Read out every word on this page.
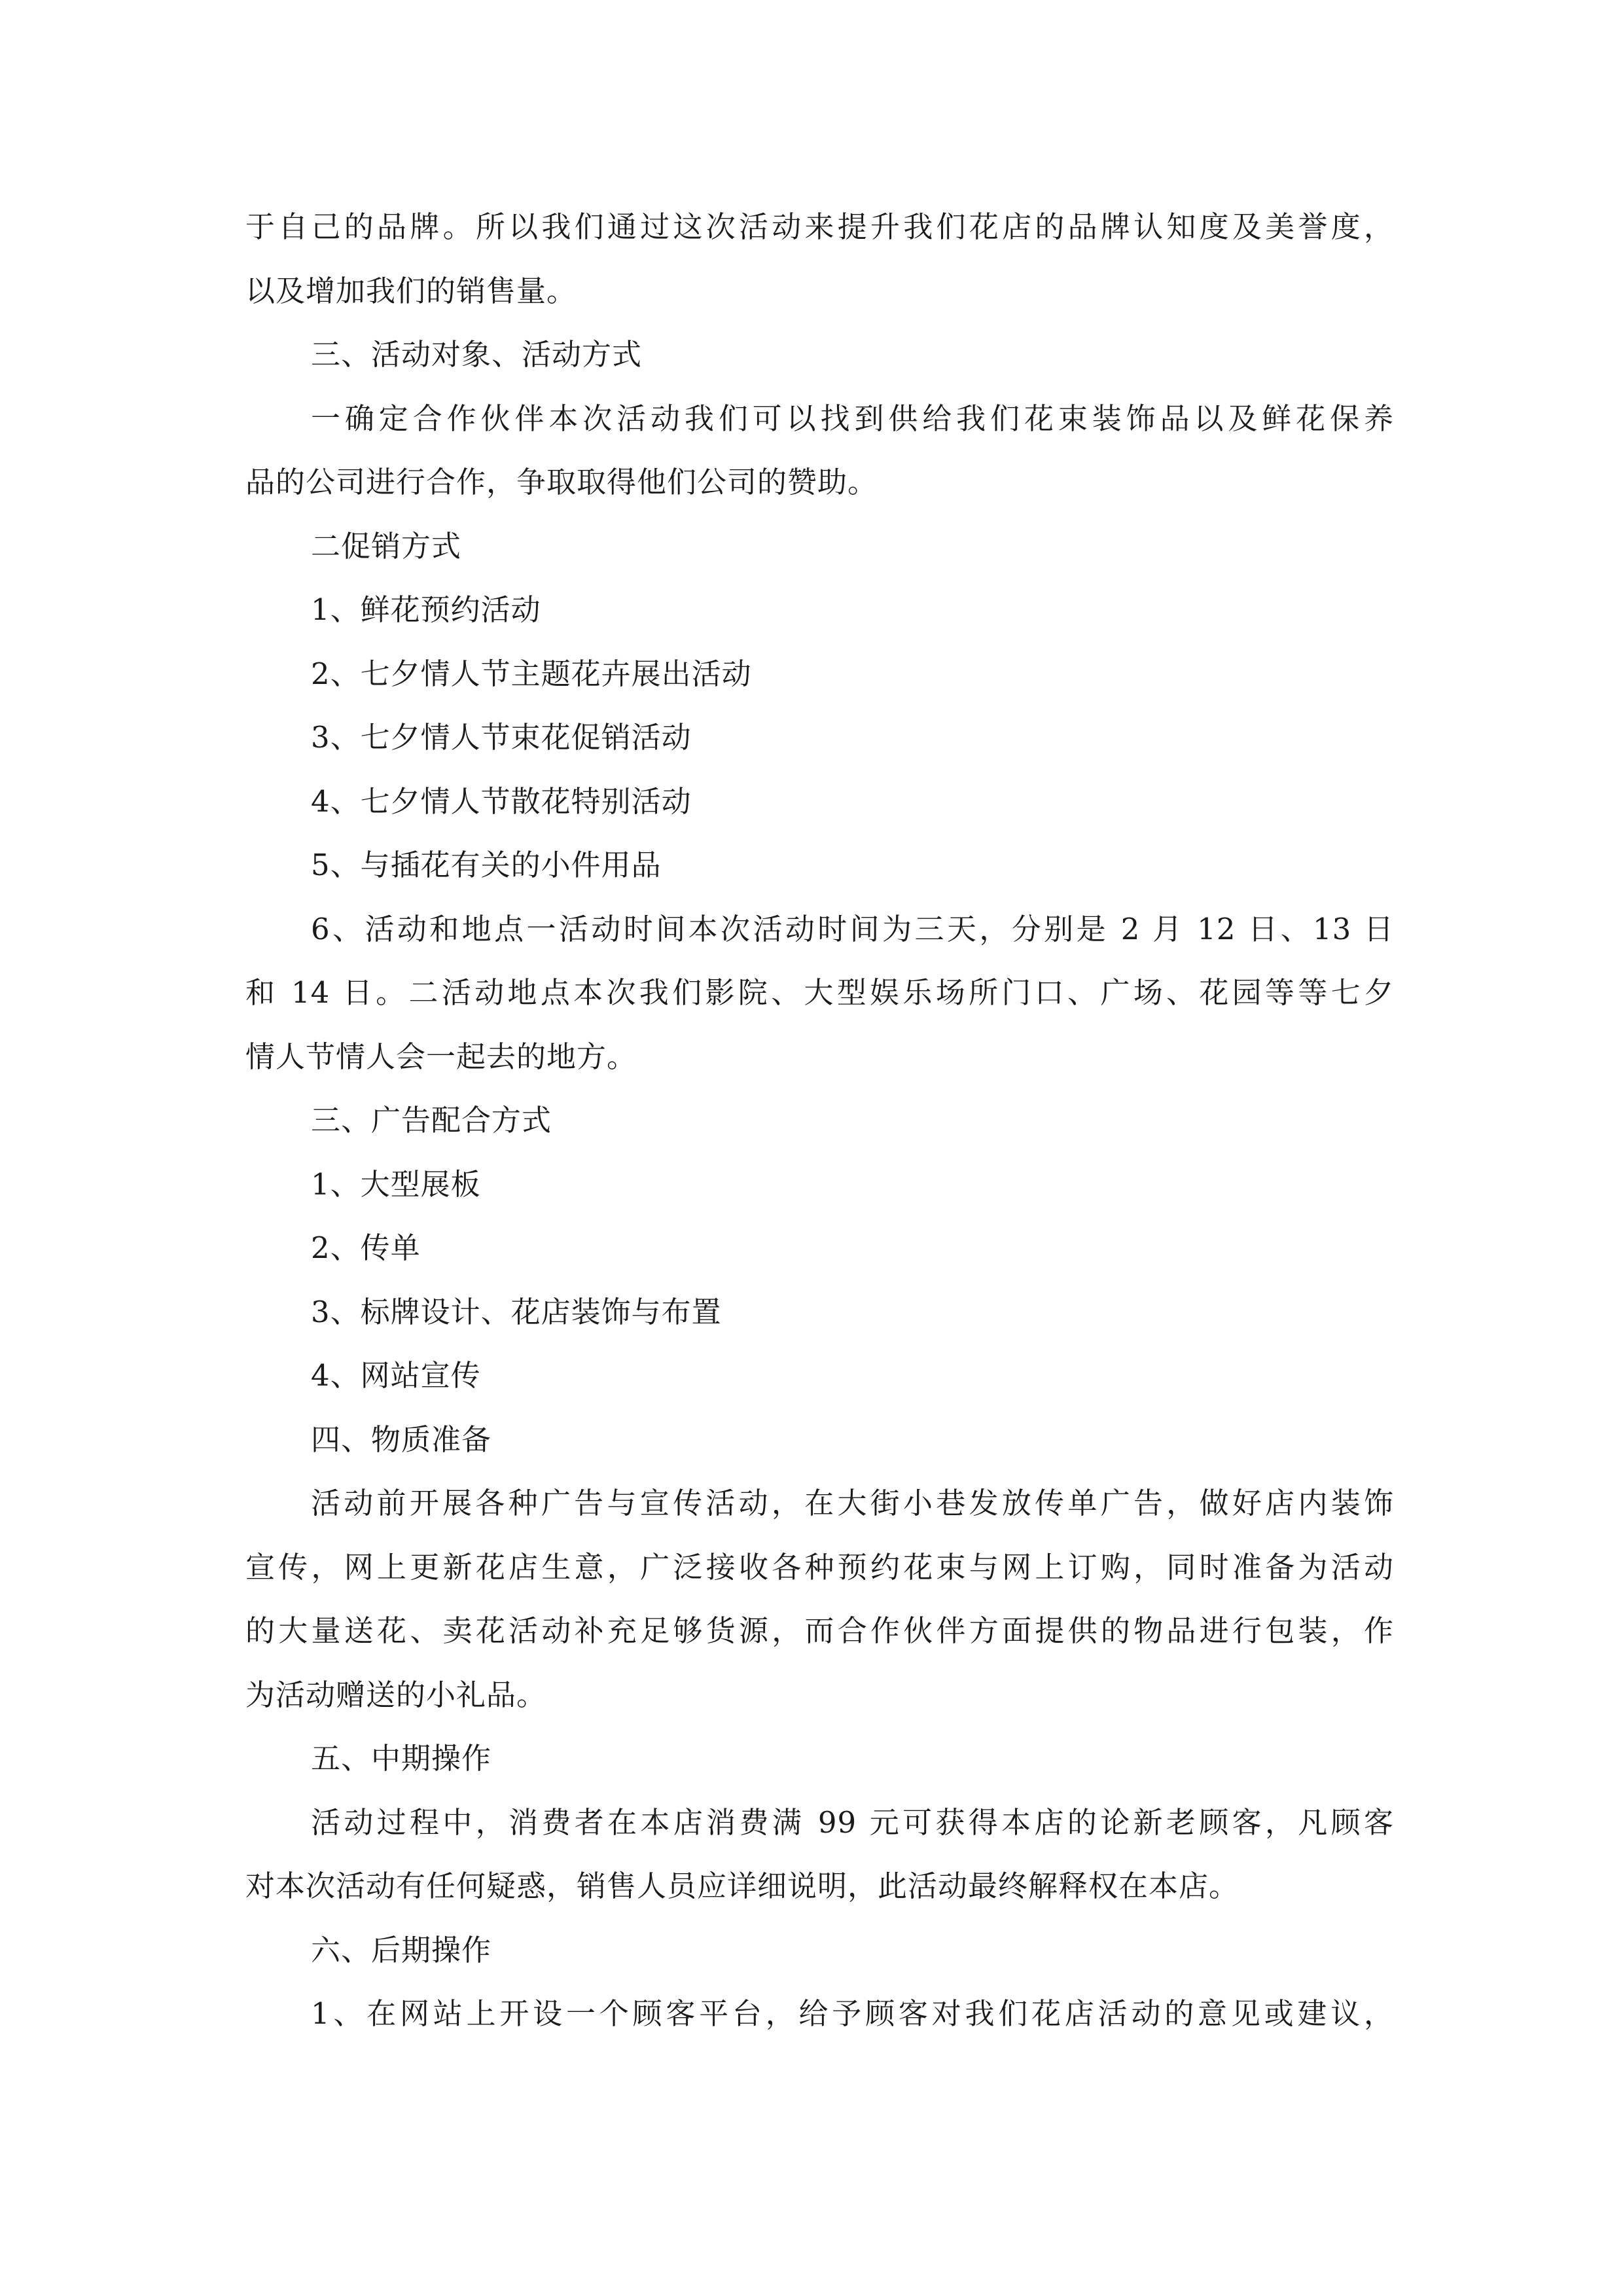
于自己的品牌。所以我们通过这次活动来提升我们花店的品牌认知度及美誉度，
以及增加我们的销售量。
三、活动对象、活动方式
一确定合作伙伴本次活动我们可以找到供给我们花束装饰品以及鲜花保养
品的公司进行合作，争取取得他们公司的赞助。
二促销方式
1、鲜花预约活动
2、七夕情人节主题花卉展出活动
3、七夕情人节束花促销活动
4、七夕情人节散花特别活动
5、与插花有关的小件用品
6、活动和地点一活动时间本次活动时间为三天，分别是 2 月 12 日、13 日
和 14 日。二活动地点本次我们影院、大型娱乐场所门口、广场、花园等等七夕
情人节情人会一起去的地方。
三、广告配合方式
1、大型展板
2、传单
3、标牌设计、花店装饰与布置
4、网站宣传
四、物质准备
活动前开展各种广告与宣传活动，在大街小巷发放传单广告，做好店内装饰
宣传，网上更新花店生意，广泛接收各种预约花束与网上订购，同时准备为活动
的大量送花、卖花活动补充足够货源，而合作伙伴方面提供的物品进行包装，作
为活动赠送的小礼品。
五、中期操作
活动过程中，消费者在本店消费满 99 元可获得本店的论新老顾客，凡顾客
对本次活动有任何疑惑，销售人员应详细说明，此活动最终解释权在本店。
六、后期操作
1、在网站上开设一个顾客平台，给予顾客对我们花店活动的意见或建议，
